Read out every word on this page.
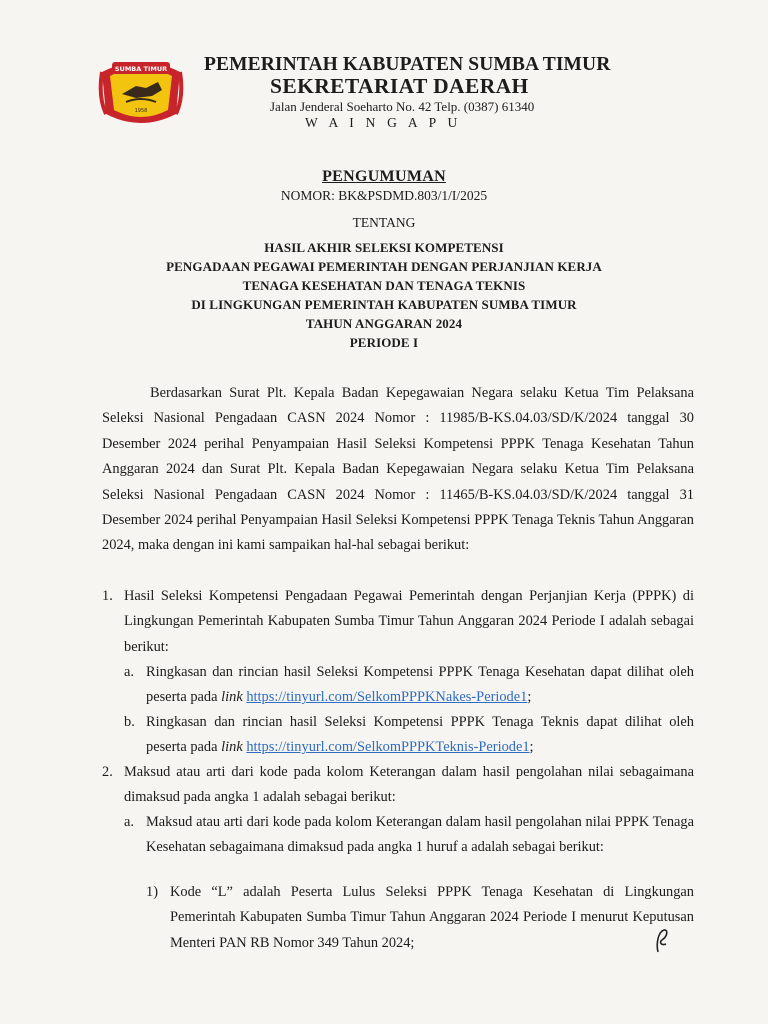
SUMBA TIMUR
1958
PEMERINTAH KABUPATEN SUMBA TIMUR
SEKRETARIAT DAERAH
Jalan Jenderal Soeharto No. 42 Telp. (0387) 61340
W A I N G A P U
PENGUMUMAN
NOMOR: BK&PSDMD.803/1/I/2025
TENTANG
HASIL AKHIR SELEKSI KOMPETENSI
PENGADAAN PEGAWAI PEMERINTAH DENGAN PERJANJIAN KERJA
TENAGA KESEHATAN DAN TENAGA TEKNIS
DI LINGKUNGAN PEMERINTAH KABUPATEN SUMBA TIMUR
TAHUN ANGGARAN 2024
PERIODE I
Berdasarkan Surat Plt. Kepala Badan Kepegawaian Negara selaku Ketua Tim Pelaksana Seleksi Nasional Pengadaan CASN 2024 Nomor : 11985/B-KS.04.03/SD/K/2024 tanggal 30 Desember 2024 perihal Penyampaian Hasil Seleksi Kompetensi PPPK Tenaga Kesehatan Tahun Anggaran 2024 dan Surat Plt. Kepala Badan Kepegawaian Negara selaku Ketua Tim Pelaksana Seleksi Nasional Pengadaan CASN 2024 Nomor : 11465/B-KS.04.03/SD/K/2024 tanggal 31 Desember 2024 perihal Penyampaian Hasil Seleksi Kompetensi PPPK Tenaga Teknis Tahun Anggaran 2024, maka dengan ini kami sampaikan hal-hal sebagai berikut:
1. Hasil Seleksi Kompetensi Pengadaan Pegawai Pemerintah dengan Perjanjian Kerja (PPPK) di Lingkungan Pemerintah Kabupaten Sumba Timur Tahun Anggaran 2024 Periode I adalah sebagai berikut:
a. Ringkasan dan rincian hasil Seleksi Kompetensi PPPK Tenaga Kesehatan dapat dilihat oleh peserta pada link https://tinyurl.com/SelkomPPPKNakes-Periode1;
b. Ringkasan dan rincian hasil Seleksi Kompetensi PPPK Tenaga Teknis dapat dilihat oleh peserta pada link https://tinyurl.com/SelkomPPPKTeknis-Periode1;
2. Maksud atau arti dari kode pada kolom Keterangan dalam hasil pengolahan nilai sebagaimana dimaksud pada angka 1 adalah sebagai berikut:
a. Maksud atau arti dari kode pada kolom Keterangan dalam hasil pengolahan nilai PPPK Tenaga Kesehatan sebagaimana dimaksud pada angka 1 huruf a adalah sebagai berikut:
1) Kode “L” adalah Peserta Lulus Seleksi PPPK Tenaga Kesehatan di Lingkungan Pemerintah Kabupaten Sumba Timur Tahun Anggaran 2024 Periode I menurut Keputusan Menteri PAN RB Nomor 349 Tahun 2024;
